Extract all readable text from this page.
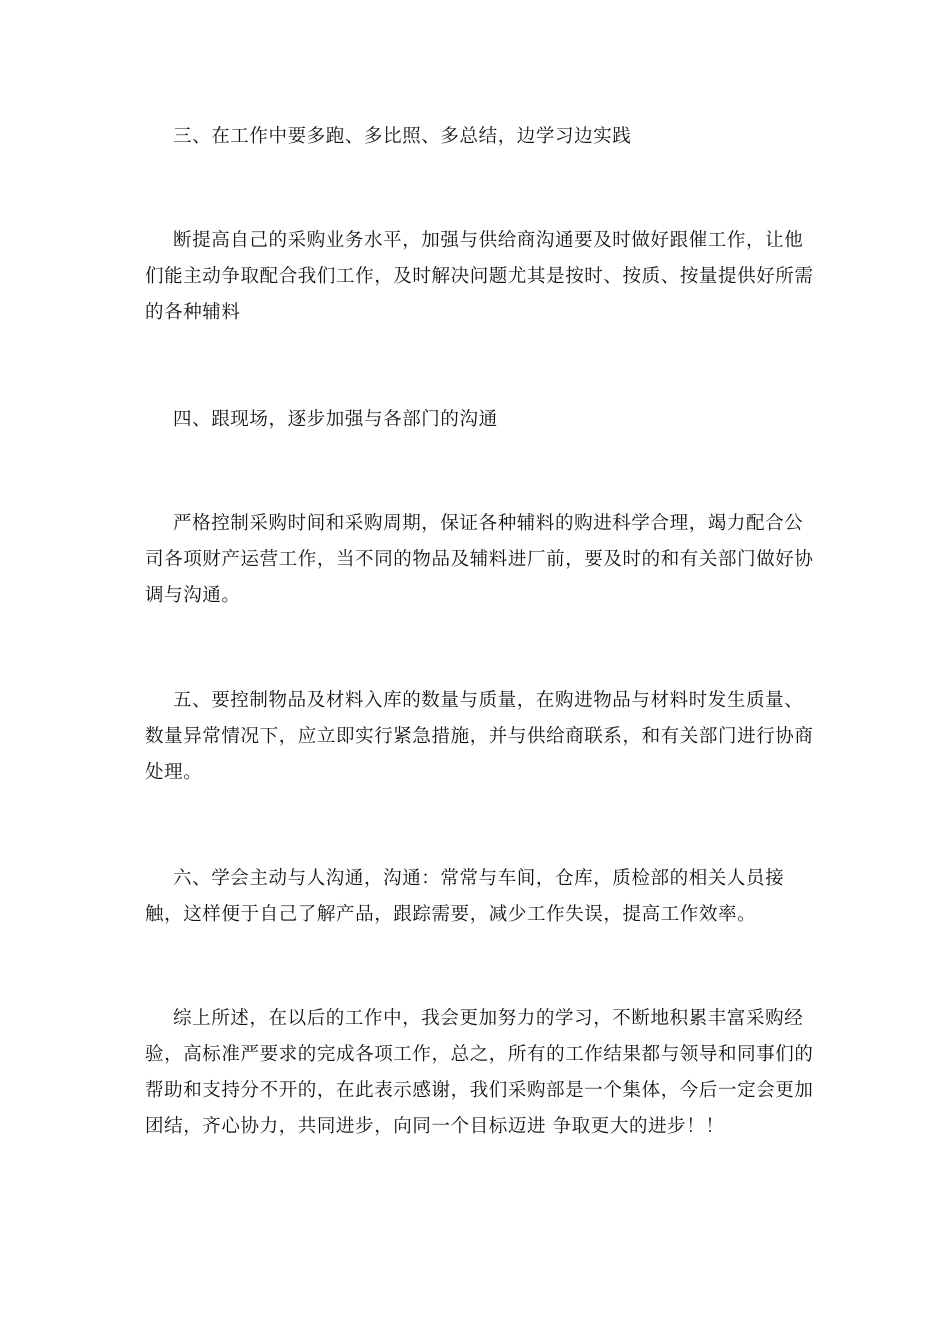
三、在工作中要多跑、多比照、多总结，边学习边实践

断提高自己的采购业务水平，加强与供给商沟通要及时做好跟催工作，让他们能主动争取配合我们工作，及时解决问题尤其是按时、按质、按量提供好所需的各种辅料

四、跟现场，逐步加强与各部门的沟通

严格控制采购时间和采购周期，保证各种辅料的购进科学合理，竭力配合公司各项财产运营工作，当不同的物品及辅料进厂前，要及时的和有关部门做好协调与沟通。

五、要控制物品及材料入库的数量与质量，在购进物品与材料时发生质量、数量异常情况下，应立即实行紧急措施，并与供给商联系，和有关部门进行协商处理。

六、学会主动与人沟通，沟通：常常与车间，仓库，质检部的相关人员接触，这样便于自己了解产品，跟踪需要，减少工作失误，提高工作效率。

综上所述，在以后的工作中，我会更加努力的学习，不断地积累丰富采购经验，高标准严要求的完成各项工作，总之，所有的工作结果都与领导和同事们的帮助和支持分不开的，在此表示感谢，我们采购部是一个集体，今后一定会更加团结，齐心协力，共同进步，向同一个目标迈进 争取更大的进步！！
